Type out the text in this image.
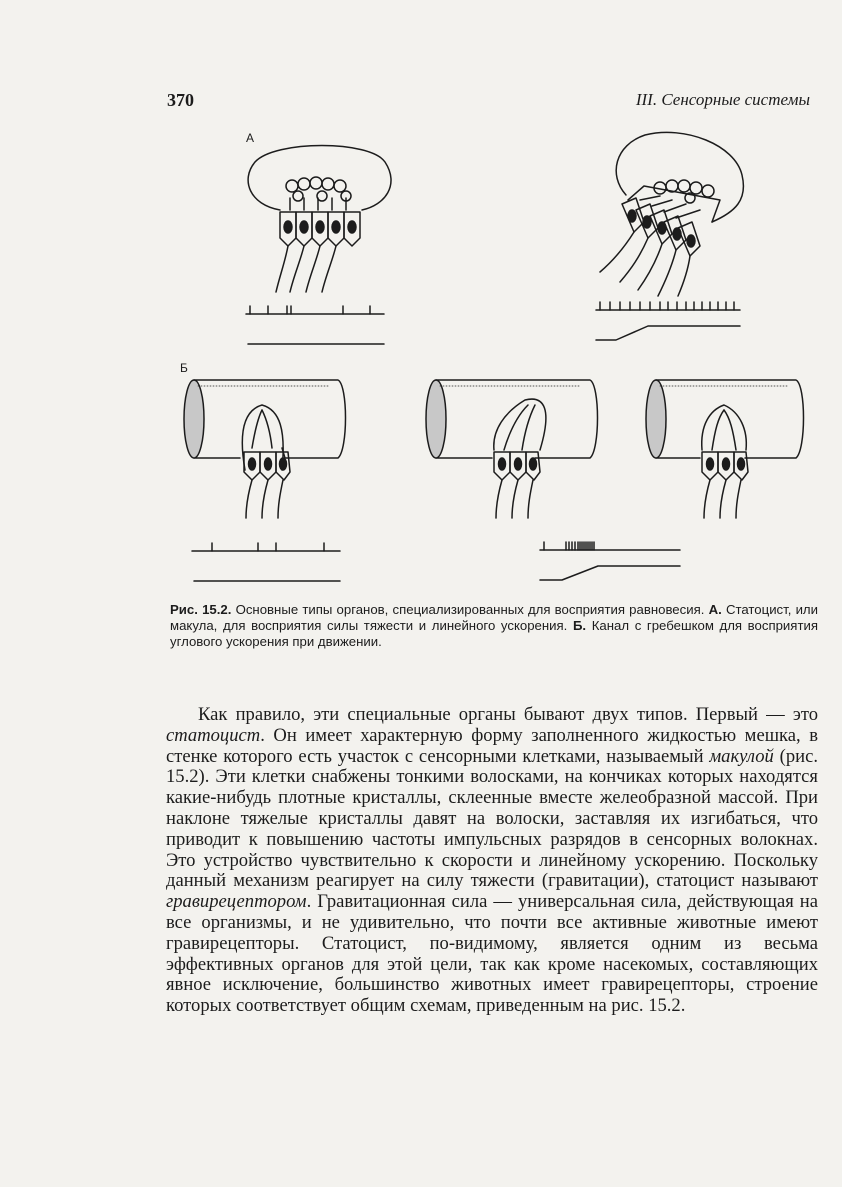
370	III. Сенсорные системы
А
Б
Рис. 15.2. Основные типы органов, специализированных для восприятия равновесия. А. Статоцист, или макула, для восприятия силы тяжести и линейного ускорения. Б. Канал с гребешком для восприятия углового ускорения при движении.

Как правило, эти специальные органы бывают двух типов. Первый — это статоцист. Он имеет характерную форму заполненного жидкостью мешка, в стенке которого есть участок с сенсорными клетками, называемый макулой (рис. 15.2). Эти клетки снабжены тонкими волосками, на кончиках которых находятся какие-нибудь плотные кристаллы, склеенные вместе желеобразной массой. При наклоне тяжелые кристаллы давят на волоски, заставляя их изгибаться, что приводит к повышению частоты импульсных разрядов в сенсорных волокнах. Это устройство чувствительно к скорости и линейному ускорению. Поскольку данный механизм реагирует на силу тяжести (гравитации), статоцист называют гравирецептором. Гравитационная сила — универсальная сила, действующая на все организмы, и не удивительно, что почти все активные животные имеют гравирецепторы. Статоцист, по-видимому, является одним из весьма эффективных органов для этой цели, так как кроме насекомых, составляющих явное исключение, большинство животных имеет гравирецепторы, строение которых соответствует общим схемам, приведенным на рис. 15.2.
